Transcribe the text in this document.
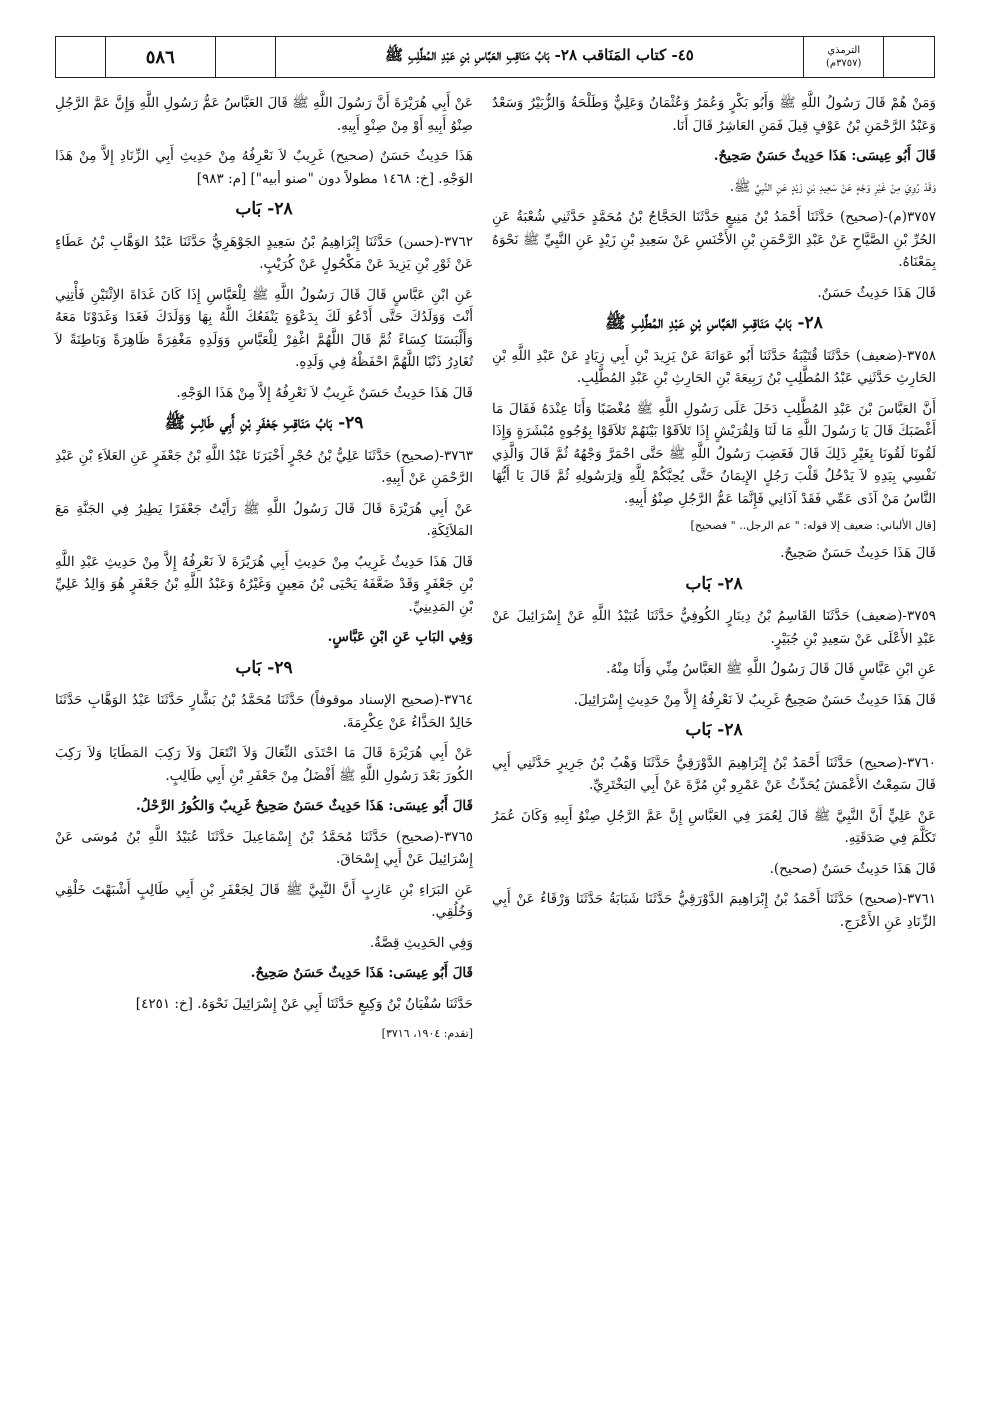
٥٨٦	٤٥- كتاب المَنَاقب ٢٨- بَابُ مَنَاقِبِ العَبَّاسِ بْنِ عَبْدِ المُطَّلِبِ ﷺ	الترمذي
(٣٧٥٧م)
وَمَنْ هُمْ قَالَ رَسُولُ اللَّهِ ﷺ وَأَبُو بَكْرٍ وَعُمَرُ وَعُثْمَانُ وَعَلِيٌّ وَطَلْحَةُ وَالزُّبَيْرُ وَسَعْدٌ وَعَبْدُ الرَّحْمَنِ بْنُ عَوْفٍ قِيلَ فَمَنِ العَاشِرُ قَالَ أَنَا.
قَالَ أَبُو عِيسَى: هَذَا حَدِيثٌ حَسَنٌ صَحِيحٌ.
وَقَدْ رُوِيَ مِنْ غَيْرِ وَجْهٍ عَنْ سَعِيدِ بْنِ زَيْدٍ عَنِ النَّبِيِّ ﷺ.
٣٧٥٧(م)-(صحيح) حَدَّثَنَا أَحْمَدُ بْنُ مَنِيعٍ حَدَّثَنَا الحَجَّاجُ بْنُ مُحَمَّدٍ حَدَّثَنِي شُعْبَةُ عَنِ الحُرِّ بْنِ الصَّيَّاحِ عَنْ عَبْدِ الرَّحْمَنِ بْنِ الأَخْنَسِ عَنْ سَعِيدِ بْنِ زَيْدٍ عَنِ النَّبِيِّ ﷺ نَحْوَهُ بِمَعْنَاهُ.
قَالَ هَذَا حَدِيثٌ حَسَنٌ.
٢٨- بَابُ مَنَاقِبِ العَبَّاسِ بْنِ عَبْدِ المُطَّلِبِ ﷺ
٣٧٥٨-(ضعيف) حَدَّثَنَا قُتَيْبَةُ حَدَّثَنَا أَبُو عَوَانَةَ عَنْ يَزِيدَ بْنِ أَبِي زِيَادٍ عَنْ عَبْدِ اللَّهِ بْنِ الحَارِثِ حَدَّثَنِي عَبْدُ المُطَّلِبِ بْنُ رَبِيعَةَ بْنِ الحَارِثِ بْنِ عَبْدِ المُطَّلِبِ.
أَنَّ العَبَّاسَ بْنَ عَبْدِ المُطَّلِبِ دَخَلَ عَلَى رَسُولِ اللَّهِ ﷺ مُغْضَبًا وَأَنَا عِنْدَهُ فَقَالَ مَا أَغْضَبَكَ قَالَ يَا رَسُولَ اللَّهِ مَا لَنَا وَلِقُرَيْشٍ إِذَا تَلاَقَوْا بَيْنَهُمْ تَلاَقَوْا بِوُجُوهٍ مُبْشَرَةٍ وَإِذَا لَقُونَا لَقُونَا بِغَيْرِ ذَلِكَ قَالَ فَغَضِبَ رَسُولُ اللَّهِ ﷺ حَتَّى احْمَرَّ وَجْهُهُ ثُمَّ قَالَ وَالَّذِي نَفْسِي بِيَدِهِ لاَ يَدْخُلُ قَلْبَ رَجُلٍ الإِيمَانُ حَتَّى يُحِبَّكُمْ لِلَّهِ وَلِرَسُولِهِ ثُمَّ قَالَ يَا أَيُّهَا النَّاسُ مَنْ آذَى عَمِّي فَقَدْ آذَانِي فَإِنَّمَا عَمُّ الرَّجُلِ صِنْوُ أَبِيهِ.
[قال الألباني: ضعيف إلا قوله: " عم الرجل.. " فصحيح]
قَالَ هَذَا حَدِيثٌ حَسَنٌ صَحِيحٌ.
٢٨- بَاب
٣٧٥٩-(ضعيف) حَدَّثَنَا القَاسِمُ بْنُ دِينَارٍ الكُوفِيُّ حَدَّثَنَا عُبَيْدُ اللَّهِ عَنْ إِسْرَائِيلَ عَنْ عَبْدِ الأَعْلَى عَنْ سَعِيدِ بْنِ جُبَيْرٍ.
عَنِ ابْنِ عَبَّاسٍ قَالَ قَالَ رَسُولُ اللَّهِ ﷺ العَبَّاسُ مِنِّي وَأَنَا مِنْهُ.
قَالَ هَذَا حَدِيثٌ حَسَنٌ صَحِيحٌ غَرِيبٌ لاَ نَعْرِفُهُ إِلاَّ مِنْ حَدِيثِ إِسْرَائِيلَ.
٢٨- بَاب
٣٧٦٠-(صحيح) حَدَّثَنَا أَحْمَدُ بْنُ إِبْرَاهِيمَ الدَّوْرَقِيُّ حَدَّثَنَا وَهْبُ بْنُ جَرِيرٍ حَدَّثَنِي أَبِي قَالَ سَمِعْتُ الأَعْمَشَ يُحَدِّثُ عَنْ عَمْرِو بْنِ مُرَّةَ عَنْ أَبِي البَخْتَرِيِّ.
عَنْ عَلِيٍّ أَنَّ النَّبِيَّ ﷺ قَالَ لِعُمَرَ فِي العَبَّاسِ إِنَّ عَمَّ الرَّجُلِ صِنْوُ أَبِيهِ وَكَانَ عُمَرُ تَكَلَّمَ فِي صَدَقَتِهِ.
قَالَ هَذَا حَدِيثٌ حَسَنٌ (صحيح).
٣٧٦١-(صحيح) حَدَّثَنَا أَحْمَدُ بْنُ إِبْرَاهِيمَ الدَّوْرَقِيُّ حَدَّثَنَا شَبَابَةُ حَدَّثَنَا وَرْقَاءُ عَنْ أَبِي الزِّنَادِ عَنِ الأَعْرَجِ.
عَنْ أَبِي هُرَيْرَةَ أَنَّ رَسُولَ اللَّهِ ﷺ قَالَ العَبَّاسُ عَمُّ رَسُولِ اللَّهِ وَإِنَّ عَمَّ الرَّجُلِ صِنْوُ أَبِيهِ أَوْ مِنْ صِنْوِ أَبِيهِ.
هَذَا حَدِيثٌ حَسَنٌ (صحيح) غَرِيبٌ لاَ نَعْرِفُهُ مِنْ حَدِيثِ أَبِي الزِّنَادِ إِلاَّ مِنْ هَذَا الوَجْهِ. [خ: ١٤٦٨ مطولاً دون "صنو أبيه"] [م: ٩٨٣]
٢٨- بَاب
٣٧٦٢-(حسن) حَدَّثَنَا إِبْرَاهِيمُ بْنُ سَعِيدٍ الجَوْهَرِيُّ حَدَّثَنَا عَبْدُ الوَهَّابِ بْنُ عَطَاءٍ عَنْ ثَوْرِ بْنِ يَزِيدَ عَنْ مَكْحُولٍ عَنْ كُرَيْبٍ.
عَنِ ابْنِ عَبَّاسٍ قَالَ قَالَ رَسُولُ اللَّهِ ﷺ لِلْعَبَّاسِ إِذَا كَانَ غَدَاةَ الاِثْنَيْنِ فَأْتِنِي أَنْتَ وَوَلَدُكَ حَتَّى أَدْعُوَ لَكَ بِدَعْوَةٍ يَنْفَعُكَ اللَّهُ بِهَا وَوَلَدَكَ فَغَدَا وَغَدَوْنَا مَعَهُ وَأَلْبَسَنَا كِسَاءً ثُمَّ قَالَ اللَّهُمَّ اغْفِرْ لِلْعَبَّاسِ وَوَلَدِهِ مَغْفِرَةً ظَاهِرَةً وَبَاطِنَةً لاَ تُغَادِرُ ذَنْبًا اللَّهُمَّ احْفَظْهُ فِي وَلَدِهِ.
قَالَ هَذَا حَدِيثٌ حَسَنٌ غَرِيبٌ لاَ نَعْرِفُهُ إِلاَّ مِنْ هَذَا الوَجْهِ.
٢٩- بَابُ مَنَاقِبِ جَعْفَرِ بْنِ أَبِي طَالِبٍ ﷺ
٣٧٦٣-(صحيح) حَدَّثَنَا عَلِيُّ بْنُ حُجْرٍ أَخْبَرَنَا عَبْدُ اللَّهِ بْنُ جَعْفَرٍ عَنِ العَلاَءِ بْنِ عَبْدِ الرَّحْمَنِ عَنْ أَبِيهِ.
عَنْ أَبِي هُرَيْرَةَ قَالَ قَالَ رَسُولُ اللَّهِ ﷺ رَأَيْتُ جَعْفَرًا يَطِيرُ فِي الجَنَّةِ مَعَ المَلاَئِكَةِ.
قَالَ هَذَا حَدِيثٌ غَرِيبٌ مِنْ حَدِيثِ أَبِي هُرَيْرَةَ لاَ نَعْرِفُهُ إِلاَّ مِنْ حَدِيثِ عَبْدِ اللَّهِ بْنِ جَعْفَرٍ وَقَدْ ضَعَّفَهُ يَحْيَى بْنُ مَعِينٍ وَغَيْرُهُ وَعَبْدُ اللَّهِ بْنُ جَعْفَرٍ هُوَ وَالِدُ عَلِيِّ بْنِ المَدِينِيِّ.
وَفِي البَابِ عَنِ ابْنِ عَبَّاسٍ.
٢٩- بَاب
٣٧٦٤-(صحيح الإسناد موقوفاً) حَدَّثَنَا مُحَمَّدُ بْنُ بَشَّارٍ حَدَّثَنَا عَبْدُ الوَهَّابِ حَدَّثَنَا خَالِدٌ الحَذَّاءُ عَنْ عِكْرِمَةَ.
عَنْ أَبِي هُرَيْرَةَ قَالَ مَا احْتَذَى النِّعَالَ وَلاَ انْتَعَلَ وَلاَ رَكِبَ المَطَايَا وَلاَ رَكِبَ الكُورَ بَعْدَ رَسُولِ اللَّهِ ﷺ أَفْضَلُ مِنْ جَعْفَرِ بْنِ أَبِي طَالِبٍ.
قَالَ أَبُو عِيسَى: هَذَا حَدِيثٌ حَسَنٌ صَحِيحٌ غَرِيبٌ وَالكُورُ الرَّحْلُ.
٣٧٦٥-(صحيح) حَدَّثَنَا مُحَمَّدُ بْنُ إِسْمَاعِيلَ حَدَّثَنَا عُبَيْدُ اللَّهِ بْنُ مُوسَى عَنْ إِسْرَائِيلَ عَنْ أَبِي إِسْحَاقَ.
عَنِ البَرَاءِ بْنِ عَازِبٍ أَنَّ النَّبِيَّ ﷺ قَالَ لِجَعْفَرِ بْنِ أَبِي طَالِبٍ أَشْبَهْتَ خَلْقِي وَخُلُقِي.
وَفِي الحَدِيثِ قِصَّةٌ.
قَالَ أَبُو عِيسَى: هَذَا حَدِيثٌ حَسَنٌ صَحِيحٌ.
حَدَّثَنَا سُفْيَانُ بْنُ وَكِيعٍ حَدَّثَنَا أَبِي عَنْ إِسْرَائِيلَ نَحْوَهُ. [خ: ٤٢٥١]
[تقدم: ١٩٠٤، ٣٧١٦]
